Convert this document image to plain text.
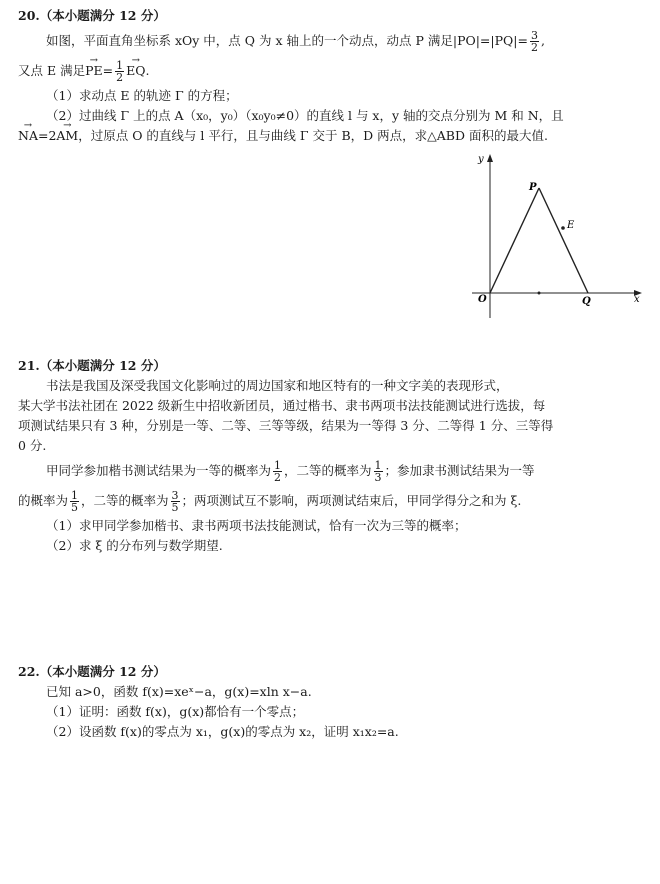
20.（本小题满分 12 分）
如图，平面直角坐标系 xOy 中，点 Q 为 x 轴上的一个动点，动点 P 满足$|PO|=|PQ|= \frac{3}{2}$ ,
又点 E 满足→ $PE= \frac{1}{2}$
→ EQ.
（1）求动点 E 的轨迹 Γ 的方程；
（2）过曲线 Γ 上的点 A（x₀，y₀）（x₀y₀≠0）的直线 l 与 x，y 轴的交点分别为 M 和 N，且
→ NA=2→ AM，过原点 O 的直线与 l 平行，且与曲线 Γ 交于 B，D 两点，求△ABD 面积的最大值.
y
x
O	Q
P
E
21.（本小题满分 12 分）
书法是我国及深受我国文化影响过的周边国家和地区特有的一种文字美的表现形式，
某大学书法社团在 2022 级新生中招收新团员，通过楷书、隶书两项书法技能测试进行选拔，每
项测试结果只有 3 种，分别是一等、二等、三等等级，结果为一等得 3 分、二等得 1 分、三等得
0 分.
甲同学参加楷书测试结果为一等的概率为 $\frac{1}{2}$ ，二等的概率为 $\frac{1}{3}$ ；参加隶书测试结果为一等
的概率为 $\frac{1}{5}$ ，二等的概率为 $\frac{3}{5}$ ；两项测试互不影响，两项测试结束后，甲同学得分之和为 ξ.
（1）求甲同学参加楷书、隶书两项书法技能测试，恰有一次为三等的概率；
（2）求 ξ 的分布列与数学期望.
22.（本小题满分 12 分）
已知 a>0，函数 f(x)=xeˣ−a，g(x)=xln x−a.
（1）证明：函数 f(x)，g(x)都恰有一个零点；
（2）设函数 f(x)的零点为 x₁，g(x)的零点为 x₂，证明 x₁x₂=a.
